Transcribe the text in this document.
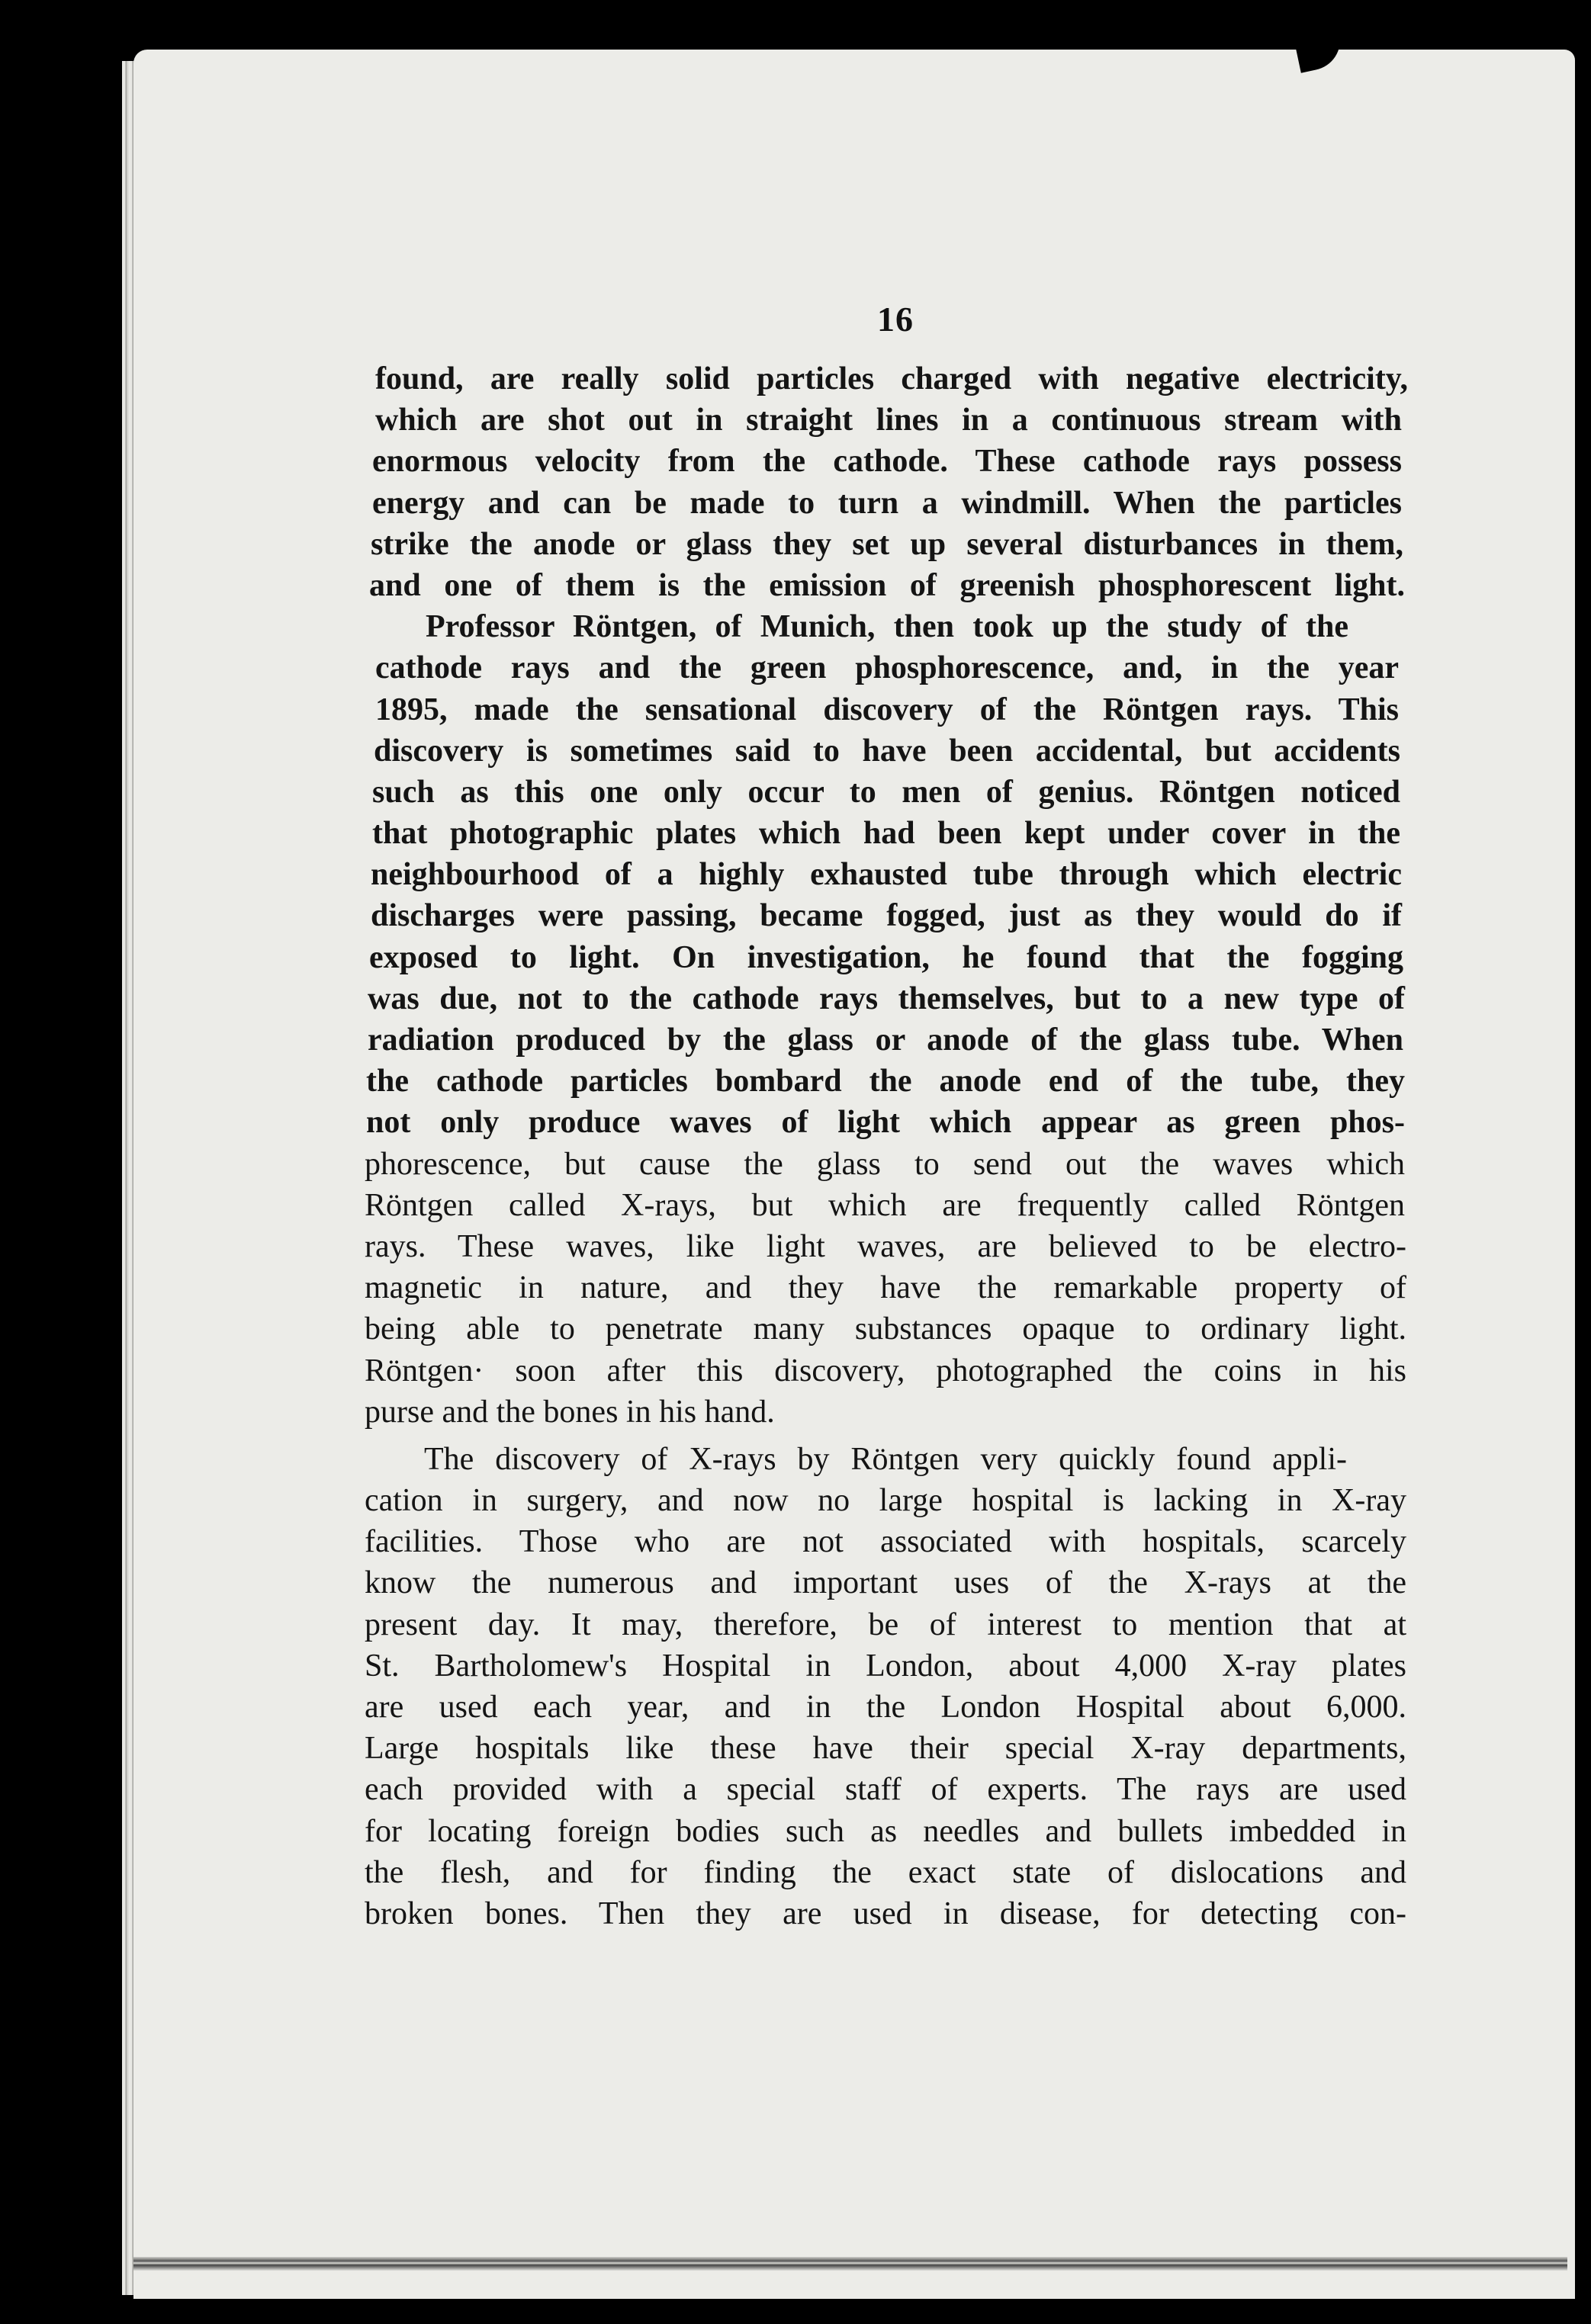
16
found, are really solid particles charged with negative electricity,
which are shot out in straight lines in a continuous stream with
enormous velocity from the cathode. These cathode rays possess
energy and can be made to turn a windmill. When the particles
strike the anode or glass they set up several disturbances in them,
and one of them is the emission of greenish phosphorescent light.
Professor Röntgen, of Munich, then took up the study of the
cathode rays and the green phosphorescence, and, in the year
1895, made the sensational discovery of the Röntgen rays. This
discovery is sometimes said to have been accidental, but accidents
such as this one only occur to men of genius. Röntgen noticed
that photographic plates which had been kept under cover in the
neighbourhood of a highly exhausted tube through which electric
discharges were passing, became fogged, just as they would do if
exposed to light. On investigation, he found that the fogging
was due, not to the cathode rays themselves, but to a new type of
radiation produced by the glass or anode of the glass tube. When
the cathode particles bombard the anode end of the tube, they
not only produce waves of light which appear as green phos-
phorescence, but cause the glass to send out the waves which
Röntgen called X-rays, but which are frequently called Röntgen
rays. These waves, like light waves, are believed to be electro-
magnetic in nature, and they have the remarkable property of
being able to penetrate many substances opaque to ordinary light.
Röntgen· soon after this discovery, photographed the coins in his
purse and the bones in his hand.
The discovery of X-rays by Röntgen very quickly found appli-
cation in surgery, and now no large hospital is lacking in X-ray
facilities. Those who are not associated with hospitals, scarcely
know the numerous and important uses of the X-rays at the
present day. It may, therefore, be of interest to mention that at
St. Bartholomew's Hospital in London, about 4,000 X-ray plates
are used each year, and in the London Hospital about 6,000.
Large hospitals like these have their special X-ray departments,
each provided with a special staff of experts. The rays are used
for locating foreign bodies such as needles and bullets imbedded in
the flesh, and for finding the exact state of dislocations and
broken bones. Then they are used in disease, for detecting con-
